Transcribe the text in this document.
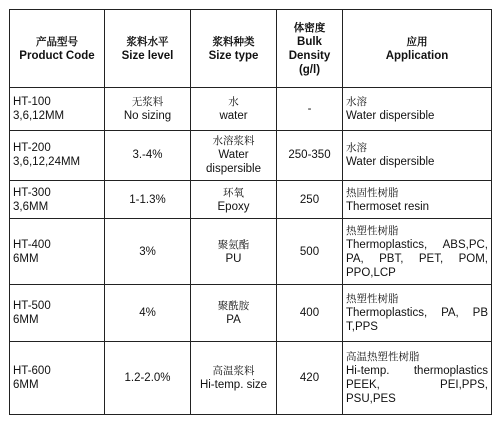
产品型号
Product Code	浆料水平
Size level	浆料种类
Size type	体密度
Bulk
Density
(g/l)	应用
Application

HT-100
3,6,12MM	无浆料
No sizing	水
water	-	水溶
Water dispersible

HT-200
3,6,12,24MM	3.-4%	水溶浆料
Water
dispersible	250-350	水溶
Water dispersible

HT-300
3,6MM	1-1.3%	环氧
Epoxy	250	热固性树脂
Thermoset resin

HT-400
6MM	3%	聚氨酯
PU	500	热塑性树脂
Thermoplastics, ABS,PC,
PA, PBT, PET, POM,
PPO,LCP

HT-500
6MM	4%	聚酰胺
PA	400	热塑性树脂
Thermoplastics, PA, PB
T,PPS

HT-600
6MM	1.2-2.0%	高温浆料
Hi-temp. size	420	高温热塑性树脂
Hi-temp. thermoplastics
PEEK, PEI,PPS,
PSU,PES
